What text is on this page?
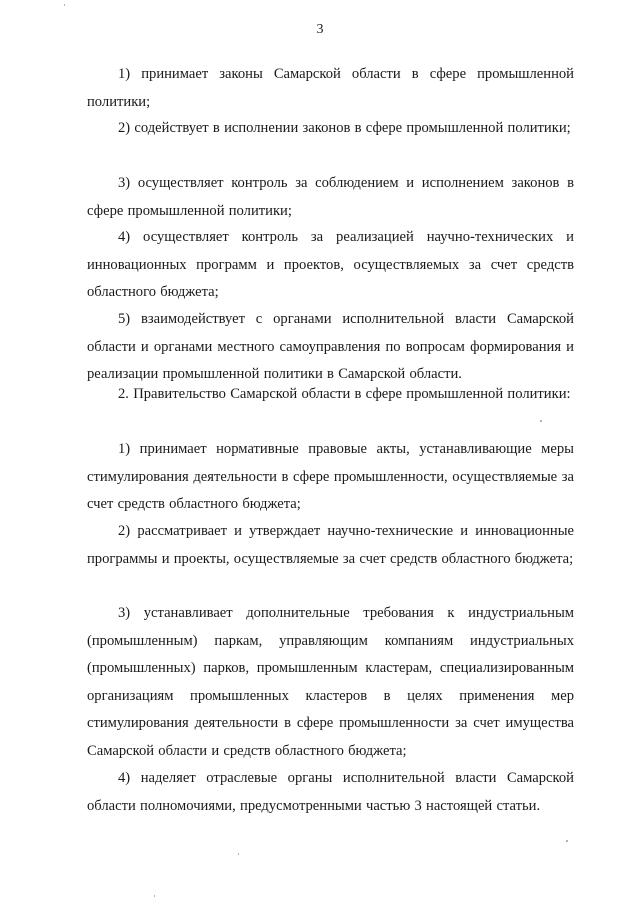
3

1) принимает законы Самарской области в сфере промышленной политики;

2) содействует в исполнении законов в сфере промышленной политики;

3) осуществляет контроль за соблюдением и исполнением законов в сфере промышленной политики;

4) осуществляет контроль за реализацией научно-технических и инновационных программ и проектов, осуществляемых за счет средств областного бюджета;

5) взаимодействует с органами исполнительной власти Самарской области и органами местного самоуправления по вопросам формирования и реализации промышленной политики в Самарской области.

2. Правительство Самарской области в сфере промышленной политики:

1) принимает нормативные правовые акты, устанавливающие меры стимулирования деятельности в сфере промышленности, осуществляемые за счет средств областного бюджета;

2) рассматривает и утверждает научно-технические и инновационные программы и проекты, осуществляемые за счет средств областного бюджета;

3) устанавливает дополнительные требования к индустриальным (промышленным) паркам, управляющим компаниям индустриальных (промышленных) парков, промышленным кластерам, специализированным организациям промышленных кластеров в целях применения мер стимулирования деятельности в сфере промышленности за счет имущества Самарской области и средств областного бюджета;

4) наделяет отраслевые органы исполнительной власти Самарской области полномочиями, предусмотренными частью 3 настоящей статьи.
